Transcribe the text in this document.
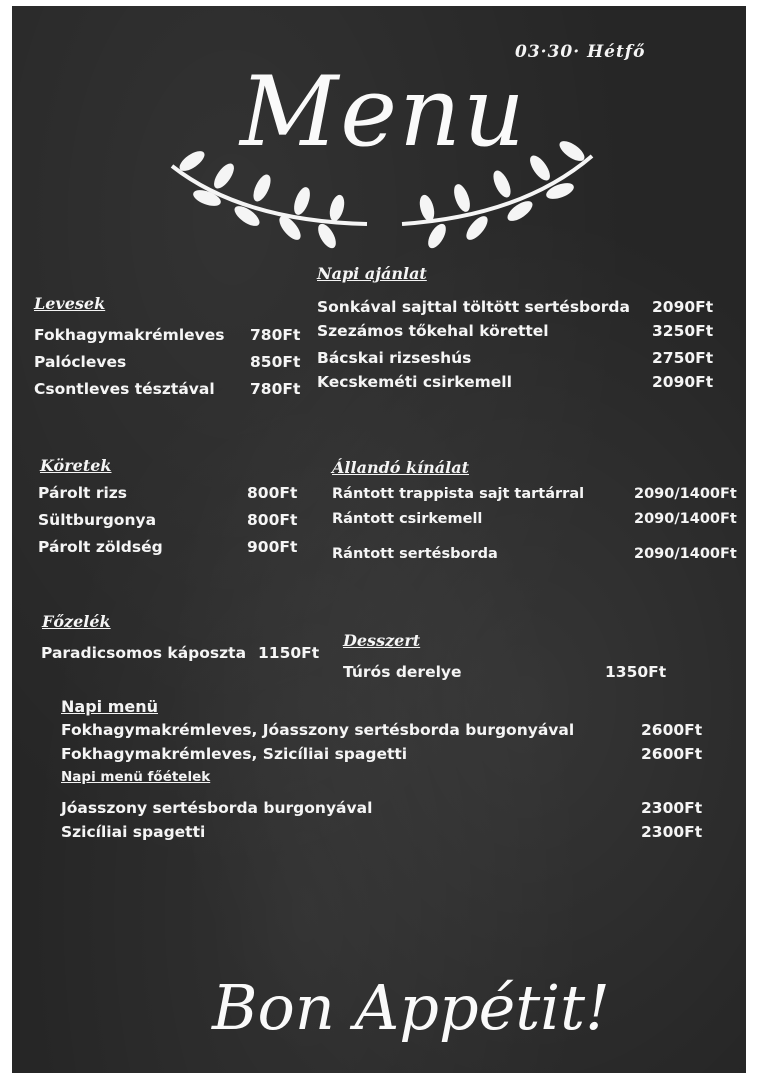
03·30· Hétfő
Menu
Levesek
Fokhagymakrémleves 780Ft
Palócleves	850Ft
Csontleves tésztával 780Ft
Napi ajánlat
Sonkával sajttal töltött sertésborda 2090Ft
Szezámos tőkehal körettel	3250Ft
Bácskai rizseshús	2750Ft
Kecskeméti csirkemell	2090Ft
Köretek
Párolt rizs	800Ft
Sültburgonya	800Ft
Párolt zöldség	900Ft
Állandó kínálat
Rántott trappista sajt tartárral	2090/1400Ft
Rántott csirkemell	2090/1400Ft
Rántott sertésborda	2090/1400Ft
Főzelék
Paradicsomos káposzta 1150Ft
Desszert
Túrós derelye	1350Ft
Napi menü
Fokhagymakrémleves, Jóasszony sertésborda burgonyával	2600Ft
Fokhagymakrémleves, Szicíliai spagetti	2600Ft
Napi menü főételek
Jóasszony sertésborda burgonyával	2300Ft
Szicíliai spagetti	2300Ft
Bon Appétit!
